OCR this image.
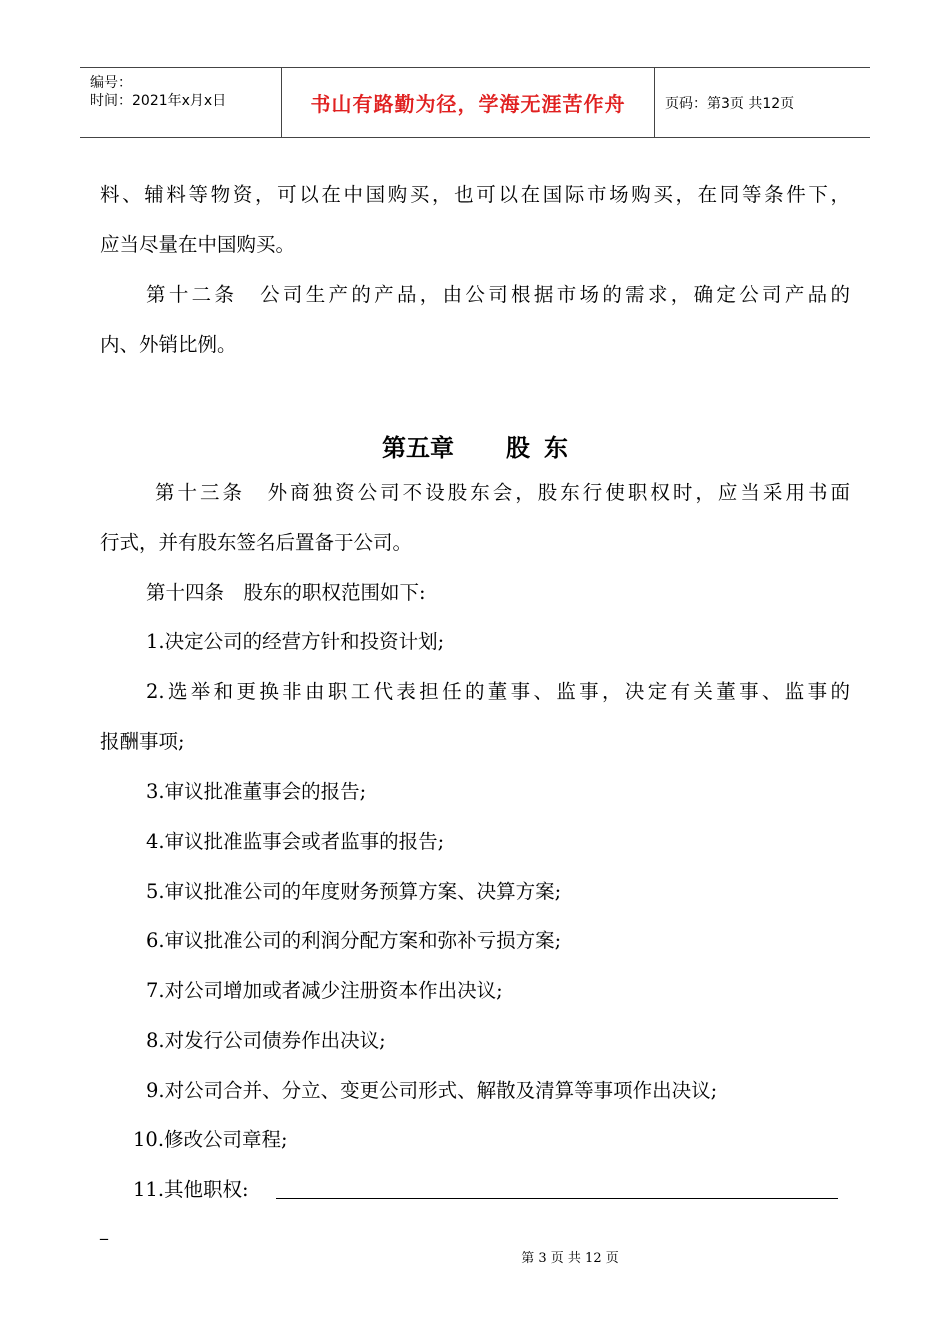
编号：
时间：2021年x月x日	书山有路勤为径，学海无涯苦作舟	页码：第3页 共12页
料、辅料等物资，可以在中国购买，也可以在国际市场购买，在同等条件下，
应当尽量在中国购买。
第十二条　公司生产的产品，由公司根据市场的需求，确定公司产品的
内、外销比例。
第五章 股 东
第十三条　外商独资公司不设股东会，股东行使职权时，应当采用书面
行式，并有股东签名后置备于公司。
第十四条　股东的职权范围如下:
1.决定公司的经营方针和投资计划;
2.选举和更换非由职工代表担任的董事、监事，决定有关董事、监事的
报酬事项;
3.审议批准董事会的报告;
4.审议批准监事会或者监事的报告;
5.审议批准公司的年度财务预算方案、决算方案;
6.审议批准公司的利润分配方案和弥补亏损方案;
7.对公司增加或者减少注册资本作出决议;
8.对发行公司债券作出决议;
9.对公司合并、分立、变更公司形式、解散及清算等事项作出决议;
10.修改公司章程;
11.其他职权:
_
第 3 页 共 12 页
